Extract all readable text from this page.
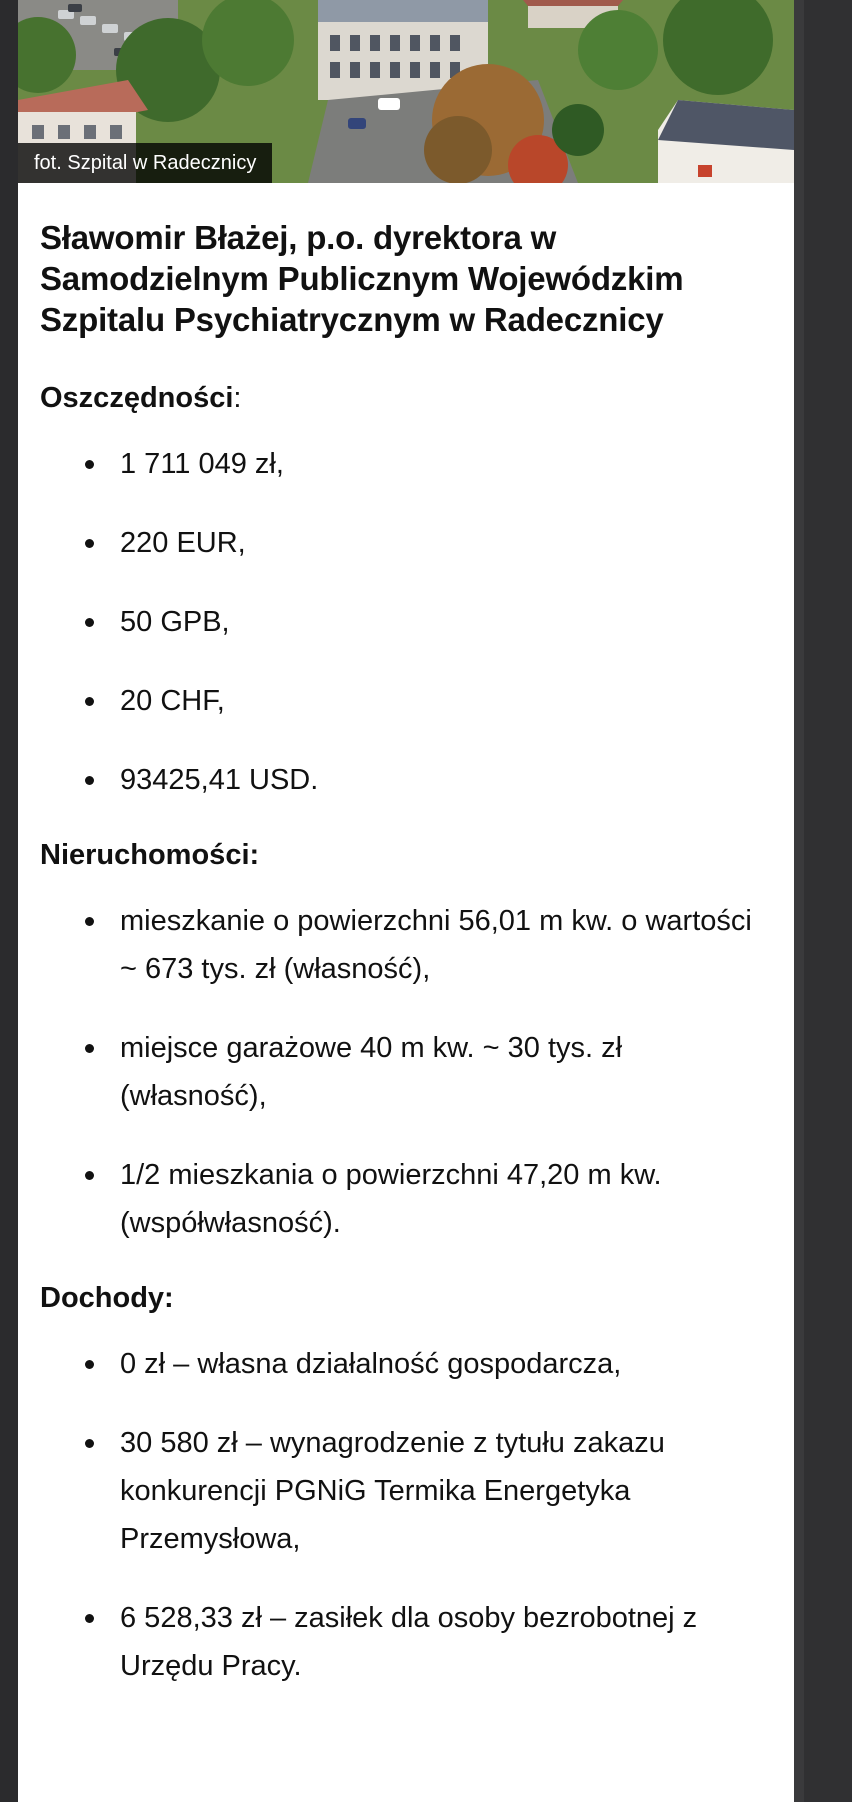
fot. Szpital w Radecznicy
Sławomir Błażej, p.o. dyrektora w Samodzielnym Publicznym Wojewódzkim Szpitalu Psychiatrycznym w Radecznicy
Oszczędności:
1 711 049 zł,
220 EUR,
50 GPB,
20 CHF,
93425,41 USD.
Nieruchomości:
mieszkanie o powierzchni 56,01 m kw. o wartości ~ 673 tys. zł (własność),
miejsce garażowe 40 m kw. ~ 30 tys. zł (własność),
1/2 mieszkania o powierzchni 47,20 m kw. (współwłasność).
Dochody:
0 zł – własna działalność gospodarcza,
30 580 zł – wynagrodzenie z tytułu zakazu konkurencji PGNiG Termika Energetyka Przemysłowa,
6 528,33 zł – zasiłek dla osoby bezrobotnej z Urzędu Pracy.
